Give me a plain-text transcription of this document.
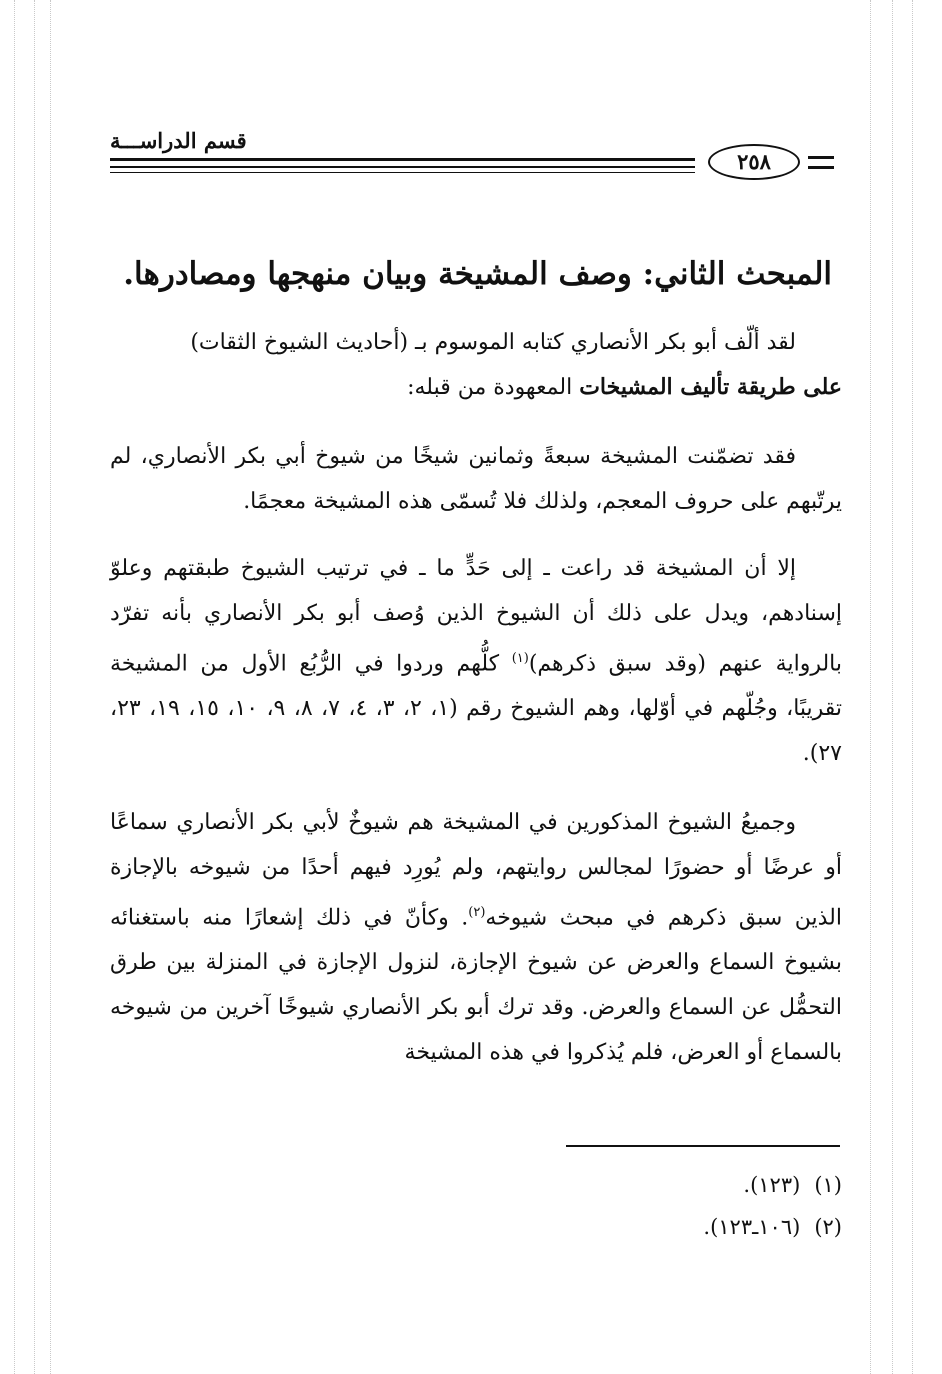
قسم الدراســـة
٢٥٨
المبحث الثاني: وصف المشيخة وبيان منهجها ومصادرها.

لقد ألّف أبو بكر الأنصاري كتابه الموسوم بـ (أحاديث الشيوخ الثقات)

على طريقة تأليف المشيخات المعهودة من قبله:

فقد تضمّنت المشيخة سبعةً وثمانين شيخًا من شيوخ أبي بكر الأنصاري، لم يرتّبهم على حروف المعجم، ولذلك فلا تُسمّى هذه المشيخة معجمًا.

إلا أن المشيخة قد راعت ـ إلى حَدٍّ ما ـ في ترتيب الشيوخ طبقتهم وعلوّ إسنادهم، ويدل على ذلك أن الشيوخ الذين وُصف أبو بكر الأنصاري بأنه تفرّد بالرواية عنهم (وقد سبق ذكرهم)$^{(١)}$ كلُّهم وردوا في الرُّبُع الأول من المشيخة تقريبًا، وجُلّهم في أوّلها، وهم الشيوخ رقم (١، ٢، ٣، ٤، ٧، ٨، ٩، ١٠، ١٥، ١٩، ٢٣، ٢٧).

وجميعُ الشيوخ المذكورين في المشيخة هم شيوخٌ لأبي بكر الأنصاري سماعًا أو عرضًا أو حضورًا لمجالس روايتهم، ولم يُورِد فيهم أحدًا من شيوخه بالإجازة الذين سبق ذكرهم في مبحث شيوخه$^{(٢)}$. وكأنّ في ذلك إشعارًا منه باستغنائه بشيوخ السماع والعرض عن شيوخ الإجازة، لنزول الإجازة في المنزلة بين طرق التحمُّل عن السماع والعرض. وقد ترك أبو بكر الأنصاري شيوخًا آخرين من شيوخه بالسماع أو العرض، فلم يُذكروا في هذه المشيخة

(١)(١٢٣).

(٢)(١٠٦ـ١٢٣).
